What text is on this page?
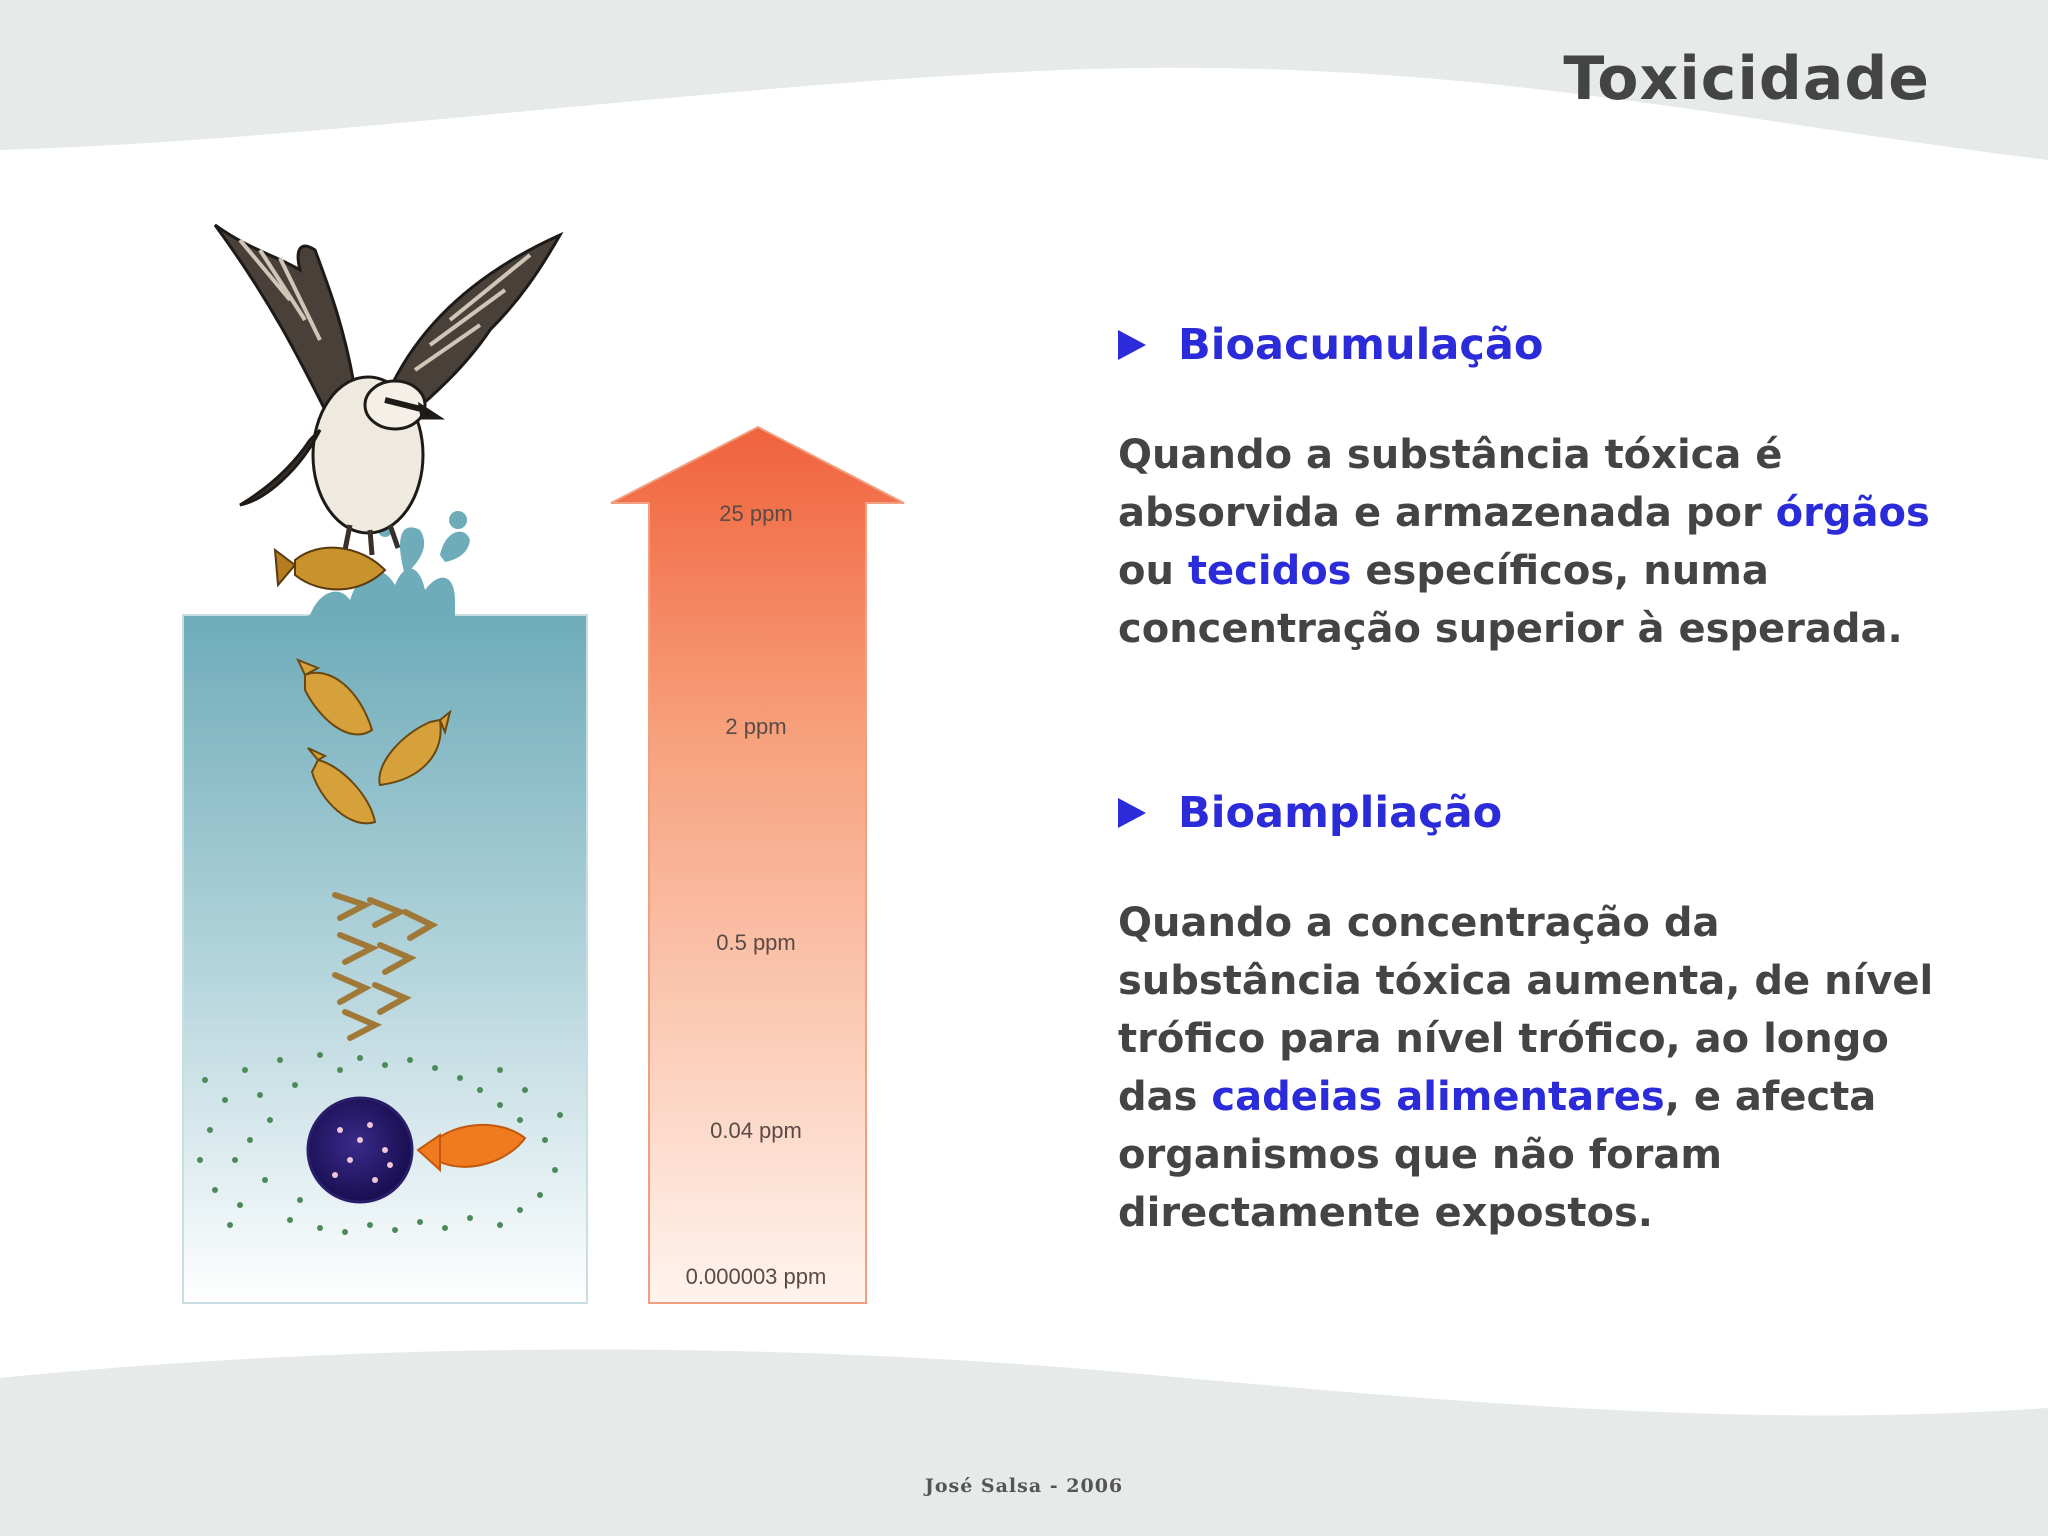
Toxicidade
25 ppm
2 ppm
0.5 ppm
0.04 ppm
0.000003 ppm
Bioacumulação
Quando a substância tóxica é absorvida e armazenada por órgãos ou tecidos específicos, numa concentração superior à esperada.
Bioampliação
Quando a concentração da substância tóxica aumenta, de nível trófico para nível trófico, ao longo das cadeias alimentares, e afecta organismos que não foram directamente expostos.
José Salsa - 2006
